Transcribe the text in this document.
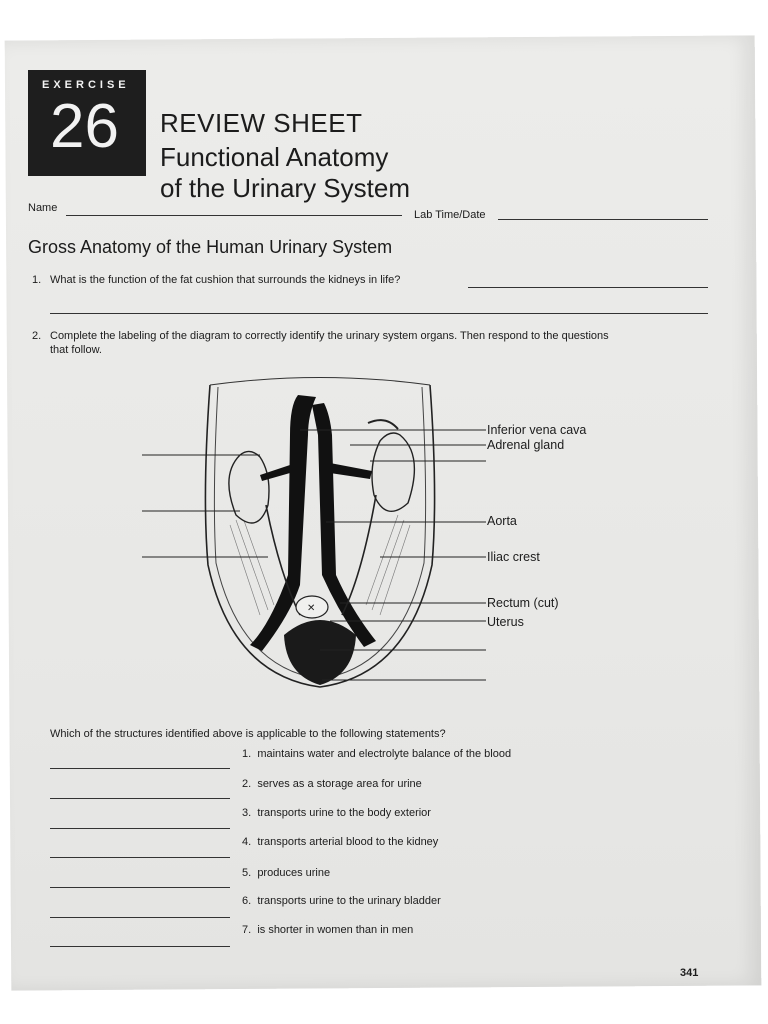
EXERCISE
26 REVIEW SHEET
Functional Anatomy
of the Urinary System
Name
Lab Time/Date
Gross Anatomy of the Human Urinary System
1. What is the function of the fat cushion that surrounds the kidneys in life?
2. Complete the labeling of the diagram to correctly identify the urinary system organs. Then respond to the questions
that follow.
✕
Inferior vena cava
Adrenal gland
Aorta
Iliac crest
Rectum (cut)
Uterus
Which of the structures identified above is applicable to the following statements?
1. maintains water and electrolyte balance of the blood
2. serves as a storage area for urine
3. transports urine to the body exterior
4. transports arterial blood to the kidney
5. produces urine
6. transports urine to the urinary bladder
7. is shorter in women than in men
341
